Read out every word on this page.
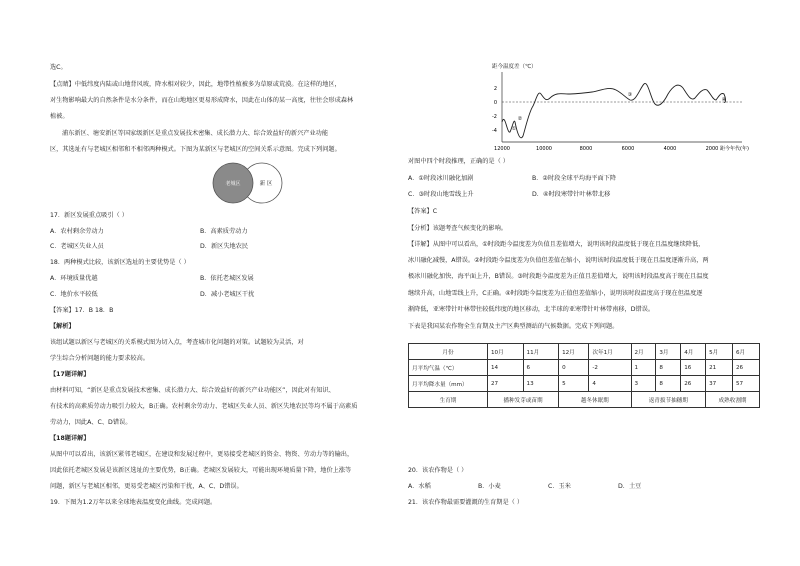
选C。
【点睛】中低纬度内陆或山地背风坡，降水相对较少，因此，地带性植被多为草原或荒漠。在这样的地区，
对生物影响最大的自然条件是水分条件，而在山地地区更易形成降水，因此在山体的某一高度，往往会形成森林
植被。
浦东新区、塘安新区等国家级新区是重点发展技术密集、成长潜力大、综合效益好的新兴产业功能
区，其选址有与老城区相邻和不相邻两种模式。下图为某新区与老城区的空间关系示意图。完成下列问题。
老城区	新 区
17．新区发展重点吸引（ ）
A．农村剩余劳动力	B．高素质劳动力
C．老城区失业人员	D．新区失地农民
18．两种模式比较，该新区选址的主要优势是（ ）
A．环境质量优越	B．依托老城区发展
C．地价水平较低	D．减小老城区干扰
【答案】17．B 18．B
【解析】
该组试题以新区与老城区的关系模式图为切入点，考查城市化问题的对策。试题较为灵活，对
学生综合分析问题的能力要求较高。
【17题详解】
由材料可知，“新区是重点发展技术密集、成长潜力大、综合效益好的新兴产业功能区”，因此对有知识、
有技术的高素质劳动力吸引力较大，B正确。农村剩余劳动力、老城区失业人员、新区失地农民等均不属于高素质
劳动力，因此A、C、D错误。
【18题详解】
从图中可以看出，该新区紧邻老城区，在建设和发展过程中，更易接受老城区的资金、物资、劳动力等的输出，
因此依托老城区发展是该新区选址的主要优势，B正确。老城区发展较大，可能出现环境质量下降，地价上涨等
问题，新区与老城区相邻，更易受老城区污染和干扰，A、C、D错误。
19．下图为1.2万年以来全球地表温度变化曲线。完成问题。
距今温度差（℃）
2
0
-2
-4
12000	10000	8000	6000	4000	2000 距今年代(年)
①
②
③
④
对图中四个时段推理，正确的是（ ）
A．①时段冰川融化加剧	B．②时段全球平均海平面下降
C．③时段山地雪线上升	D．④时段寒带针叶林带北移
【答案】C
【分析】该题考查气候变化的影响。
【详解】从图中可以看出，①时段距今温度差为负值且差值增大，说明该时段温度低于现在且温度继续降低，
冰川融化减慢，A错误。②时段距今温度差为负值但差值在缩小，说明该时段温度低于现在且温度逐渐升高，两
极冰川融化加快，海平面上升，B错误。③时段距今温度差为正值且差值增大，说明该时段温度高于现在且温度
继续升高，山地雪线上升，C正确。④时段距今温度差为正值但差值缩小，说明该时段温度高于现在但温度逐
渐降低，亚寒带针叶林带往较低纬度的地区移动，北半球的亚寒带针叶林带南移，D错误。
下表是我国某农作物全生育期及主产区典型测站的气候数据。完成下列问题。
月份	10月	11月	12月	次年1月	2月	3月	4月	5月	6月
月平均气温（℃）	14	6	0	-2	1	8	16	21	26
月平均降水量（mm）	27	13	5	4	3	8	26	37	57
生育期	播种发芽或苗期		越冬休眠期		返青拔节抽穗期			成熟收割期	
20．该农作物是（ ）
A．水稻	B．小麦	C．玉米	D．土豆
21．该农作物最需要灌溉的生育期是（ ）
